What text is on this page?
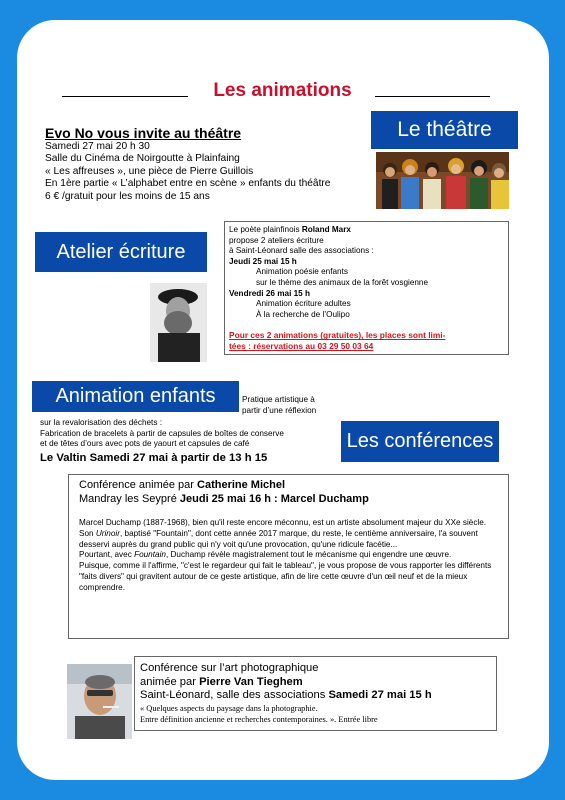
Les animations
Le théâtre
Evo No vous invite au théâtre
Samedi 27 mai 20 h 30
Salle du Cinéma de Noirgoutte à Plainfaing
« Les affreuses », une pièce de Pierre Guillois
En 1ère partie « L’alphabet entre en scène » enfants du théâtre
6 € /gratuit pour les moins de 15 ans
Atelier écriture
Le poète plainfinois Roland Marx
propose 2 ateliers écriture
à Saint-Léonard salle des associations :
Jeudi 25 mai 15 h
Animation poésie enfants
sur le thème des animaux de la forêt vosgienne
Vendredi 26 mai 15 h
Animation écriture adultes
À la recherche de l’Oulipo
Pour ces 2 animations (gratuites), les places sont limi-
tées : réservations au 03 29 50 03 64
Animation enfants	Pratique artistique à
partir d’une réflexion
sur la revalorisation des déchets :
Fabrication de bracelets à partir de capsules de boîtes de conserve
et de têtes d’ours avec pots de yaourt et capsules de café
Le Valtin Samedi 27 mai à partir de 13 h 15
Les conférences
Conférence animée par Catherine Michel
Mandray les Seypré Jeudi 25 mai 16 h : Marcel Duchamp
Marcel Duchamp (1887-1968), bien qu'il reste encore méconnu, est un artiste absolument majeur du XXe siècle. Son Urinoir, baptisé "Fountain", dont cette année 2017 marque, du reste, le centième anniversaire, l'a souvent desservi auprès du grand public qui n'y voit qu'une provocation, qu'une ridicule facétie...
Pourtant, avec Fountain, Duchamp révèle magistralement tout le mécanisme qui engendre une œuvre.
Puisque, comme il l'affirme, "c'est le regardeur qui fait le tableau", je vous propose de vous rapporter les différents "faits divers" qui gravitent autour de ce geste artistique, afin de lire cette œuvre d'un œil neuf et de la mieux comprendre.
Conférence sur l’art photographique
animée par Pierre Van Tieghem
Saint-Léonard, salle des associations Samedi 27 mai 15 h
« Quelques aspects du paysage dans la photographie.
Entre définition ancienne et recherches contemporaines. ». Entrée libre
